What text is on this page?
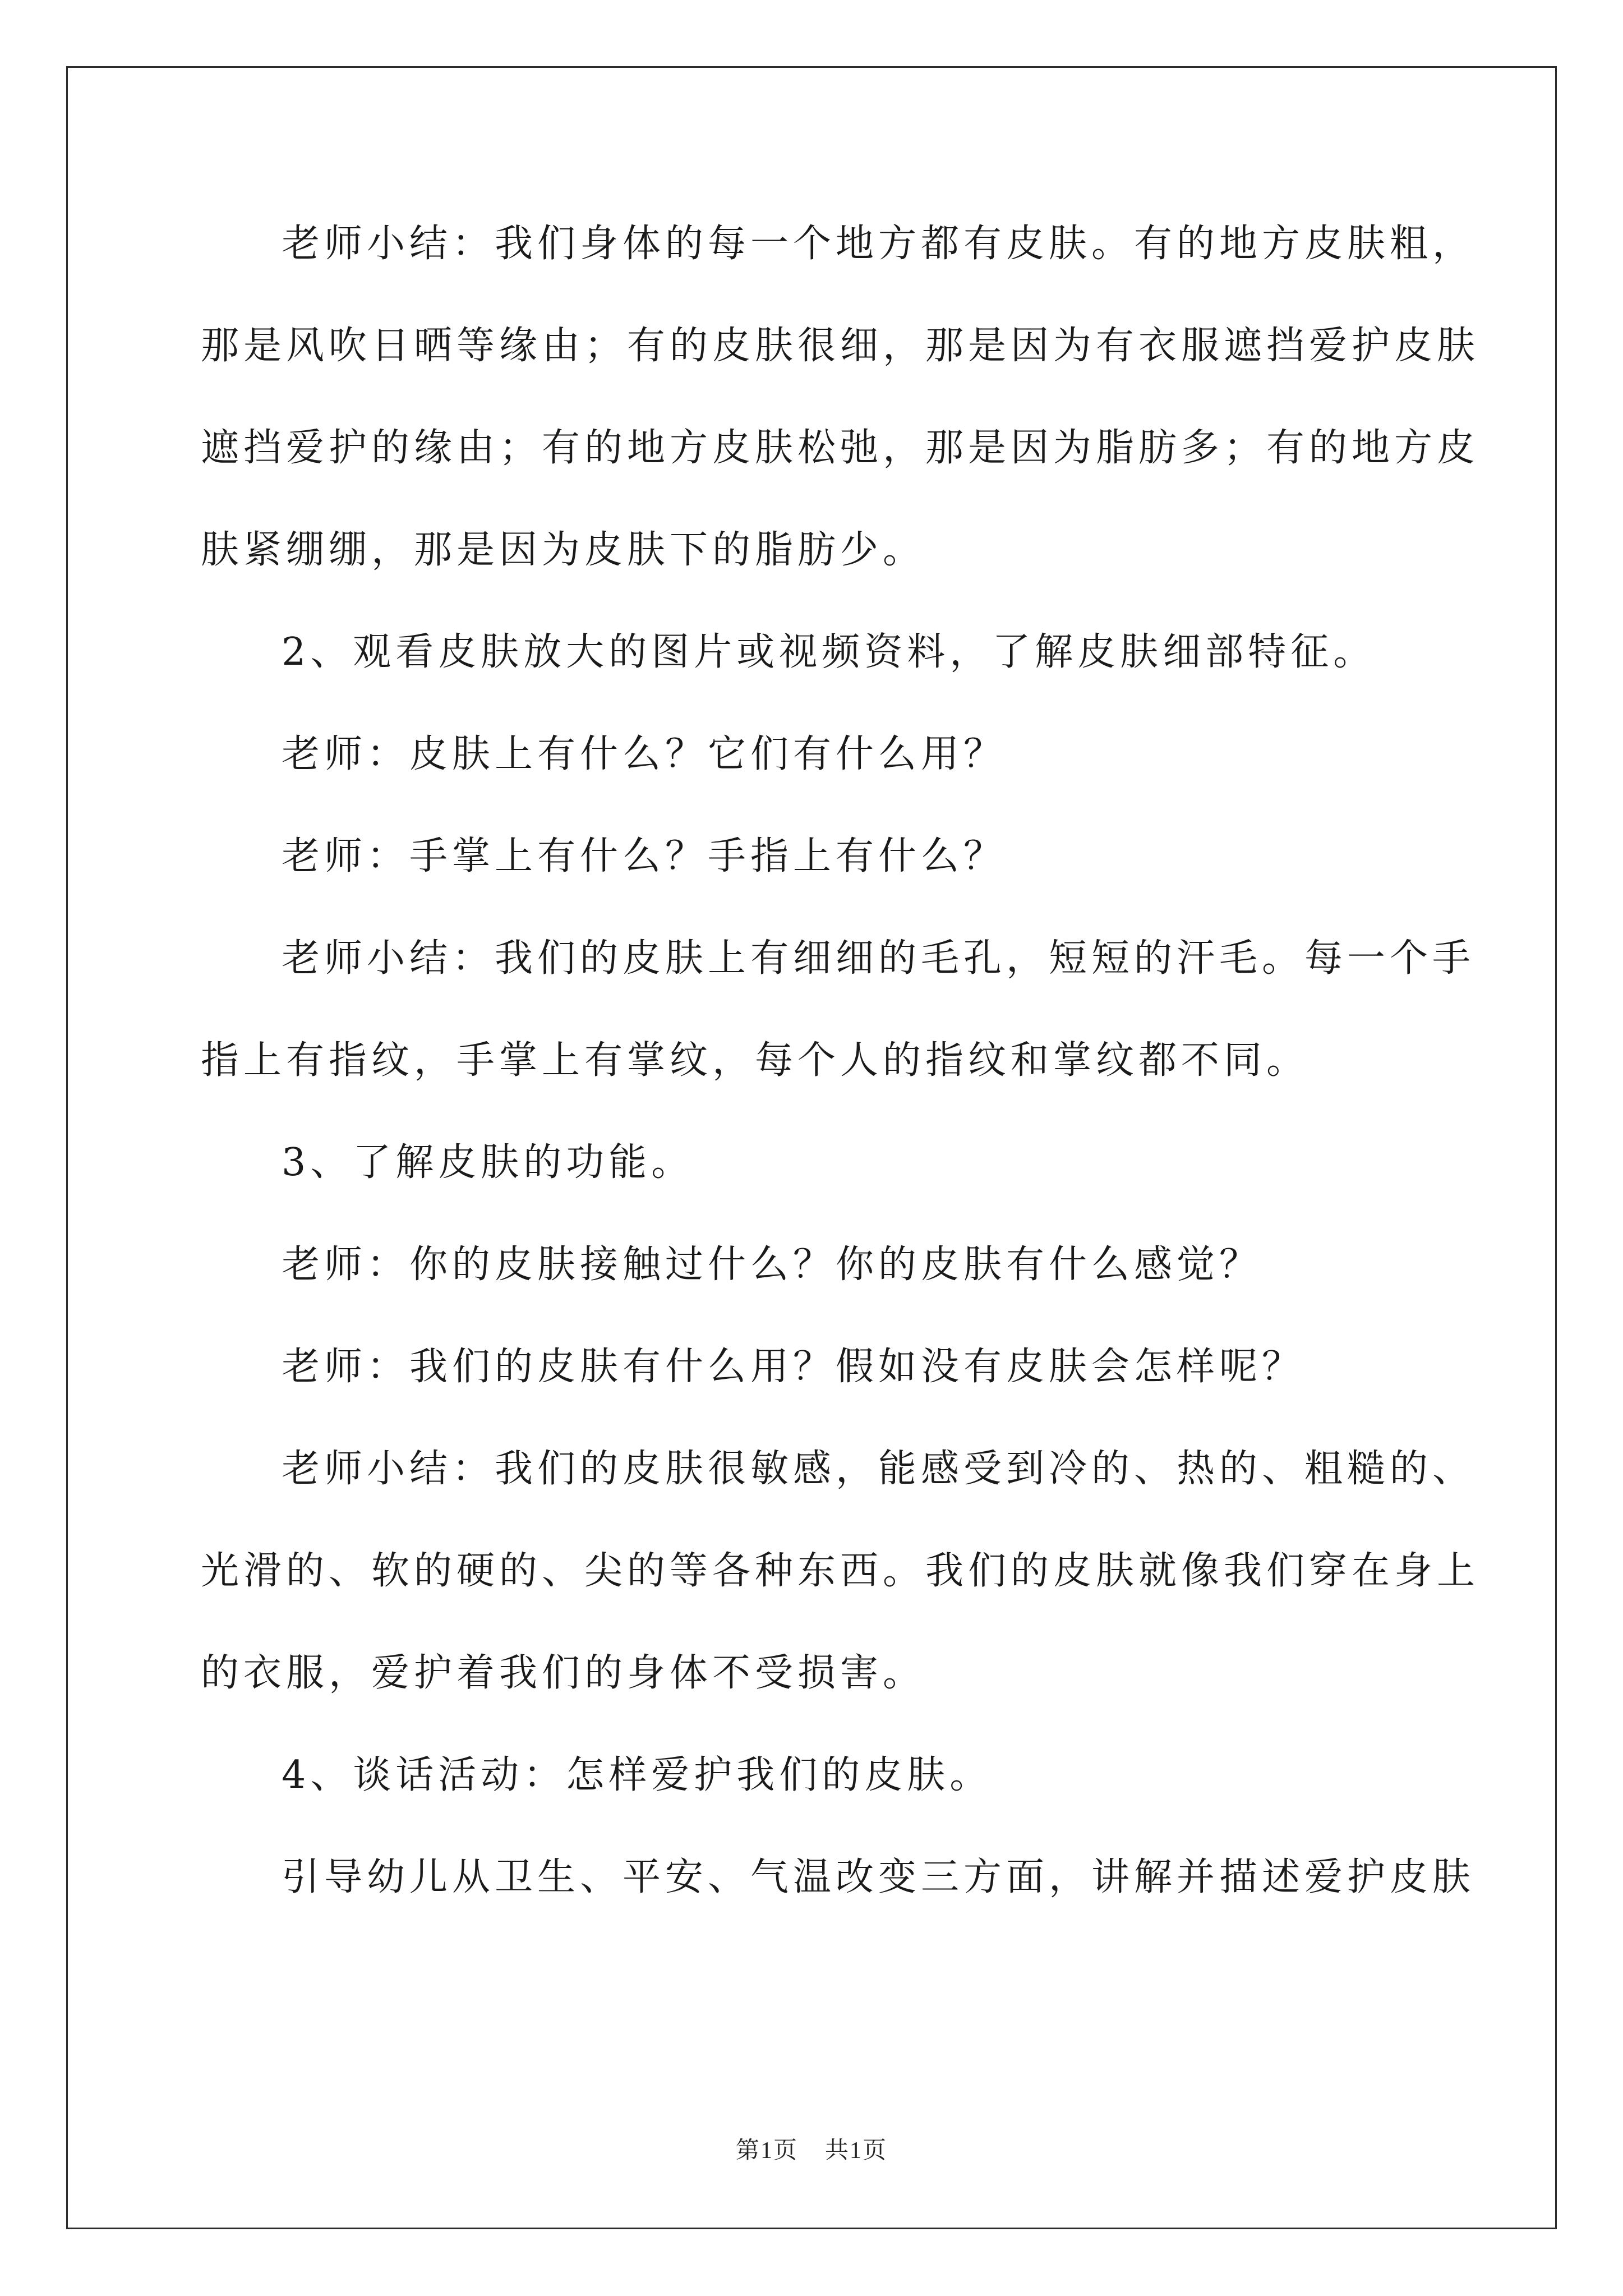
老师小结：我们身体的每一个地方都有皮肤。有的地方皮肤粗，
那是风吹日晒等缘由；有的皮肤很细，那是因为有衣服遮挡爱护皮肤
遮挡爱护的缘由；有的地方皮肤松弛，那是因为脂肪多；有的地方皮
肤紧绷绷，那是因为皮肤下的脂肪少。
2、观看皮肤放大的图片或视频资料，了解皮肤细部特征。
老师：皮肤上有什么？它们有什么用？
老师：手掌上有什么？手指上有什么？
老师小结：我们的皮肤上有细细的毛孔，短短的汗毛。每一个手
指上有指纹，手掌上有掌纹，每个人的指纹和掌纹都不同。
3、了解皮肤的功能。
老师：你的皮肤接触过什么？你的皮肤有什么感觉？
老师：我们的皮肤有什么用？假如没有皮肤会怎样呢？
老师小结：我们的皮肤很敏感，能感受到冷的、热的、粗糙的、
光滑的、软的硬的、尖的等各种东西。我们的皮肤就像我们穿在身上
的衣服，爱护着我们的身体不受损害。
4、谈话活动：怎样爱护我们的皮肤。
引导幼儿从卫生、平安、气温改变三方面，讲解并描述爱护皮肤
第1页 共1页
